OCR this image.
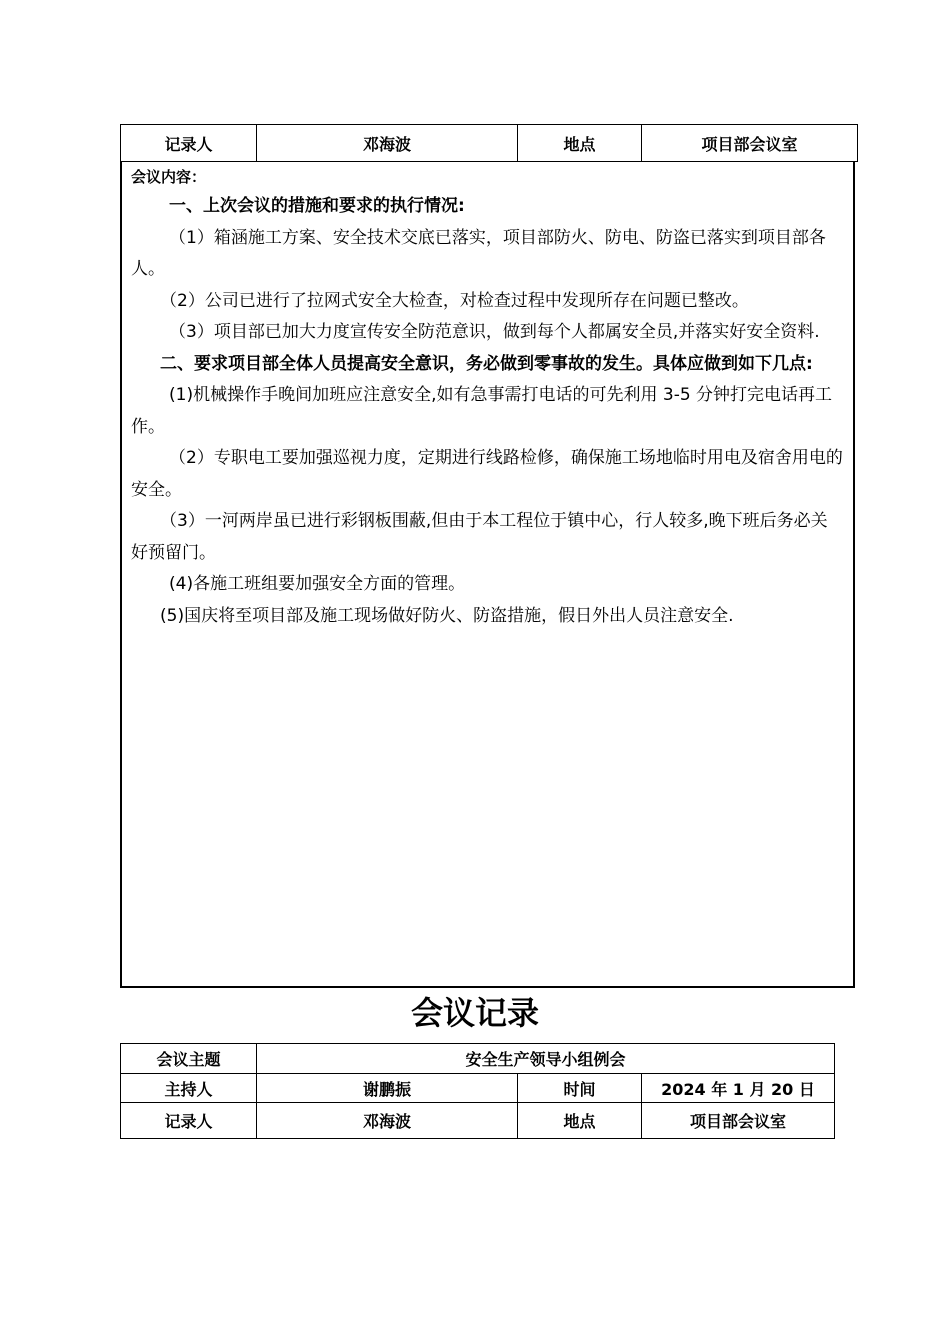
记录人	邓海波	地点	项目部会议室

会议内容：

一、上次会议的措施和要求的执行情况:

（1）箱涵施工方案、安全技术交底已落实，项目部防火、防电、防盗已落实到项目部各人。

（2）公司已进行了拉网式安全大检查，对检查过程中发现所存在问题已整改。

（3）项目部已加大力度宣传安全防范意识，做到每个人都属安全员,并落实好安全资料.

二、要求项目部全体人员提高安全意识，务必做到零事故的发生。具体应做到如下几点:

(1)机械操作手晚间加班应注意安全,如有急事需打电话的可先利用 3-5 分钟打完电话再工作。

（2）专职电工要加强巡视力度，定期进行线路检修，确保施工场地临时用电及宿舍用电的安全。

（3）一河两岸虽已进行彩钢板围蔽,但由于本工程位于镇中心，行人较多,晚下班后务必关好预留门。

(4)各施工班组要加强安全方面的管理。

(5)国庆将至项目部及施工现场做好防火、防盗措施，假日外出人员注意安全.

会议记录
会议主题	安全生产领导小组例会		
主持人	谢鹏振	时间	2024 年 1 月 20 日
记录人	邓海波	地点	项目部会议室
